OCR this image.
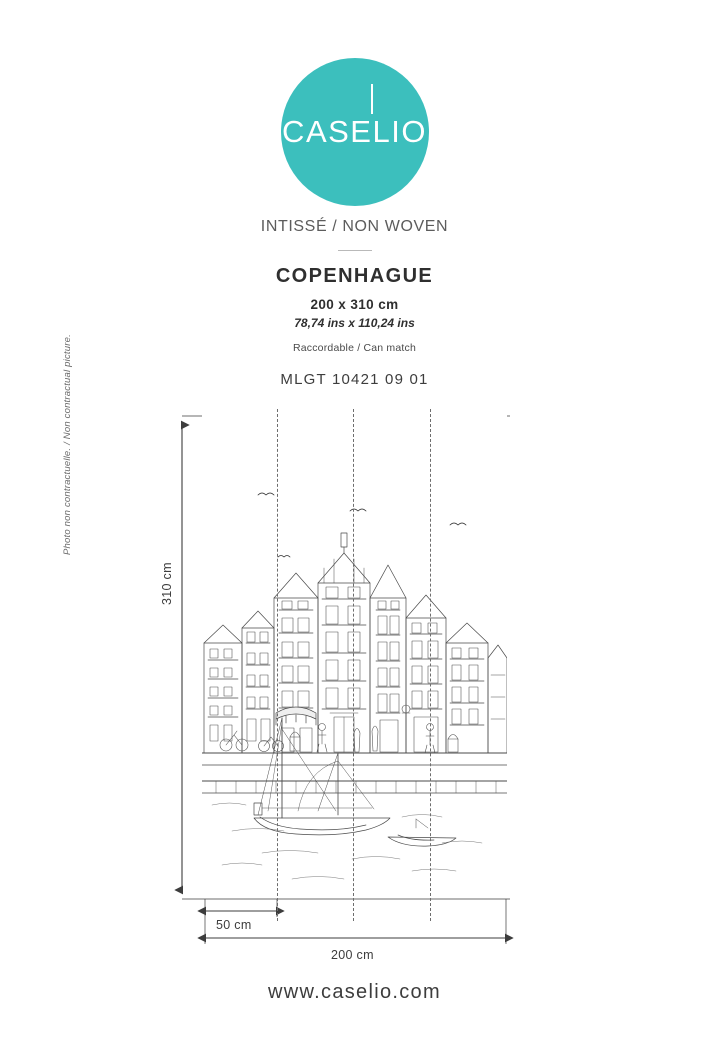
CASELIO
INTISSÉ / NON WOVEN
COPENHAGUE
200 x 310 cm
78,74 ins x 110,24 ins
Raccordable / Can match
MLGT 10421 09 01
310 cm
50 cm
200 cm
Photo non contractuelle. / Non contractual picture.
www.caselio.com
